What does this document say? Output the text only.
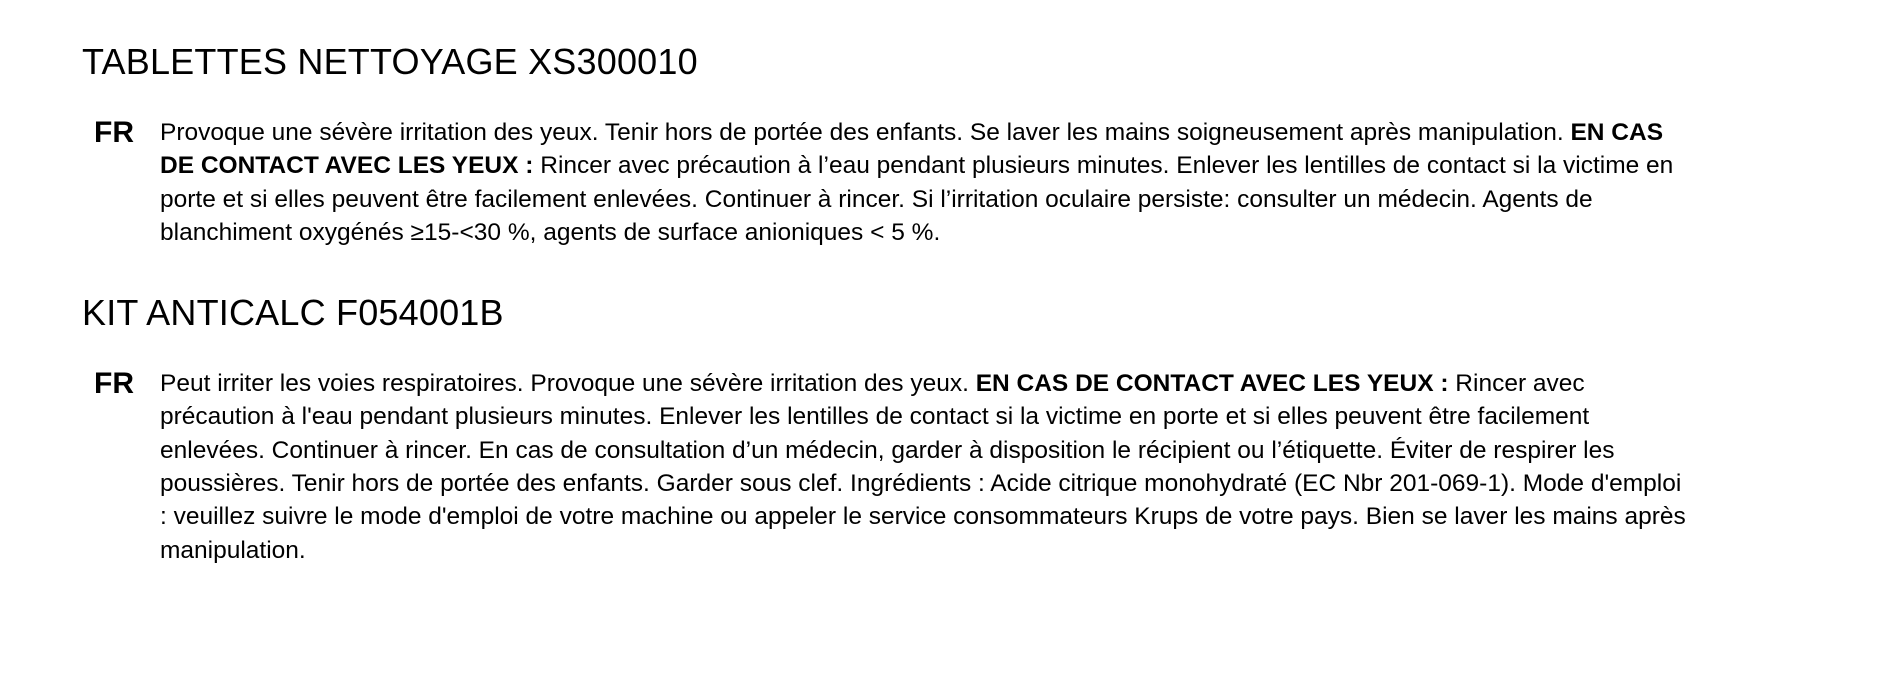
TABLETTES NETTOYAGE XS300010
FR	Provoque une sévère irritation des yeux. Tenir hors de portée des enfants. Se laver les mains soigneusement après manipulation. EN CAS DE CONTACT AVEC LES YEUX : Rincer avec précaution à l’eau pendant plusieurs minutes. Enlever les lentilles de contact si la victime en porte et si elles peuvent être facilement enlevées. Continuer à rincer. Si l’irritation oculaire persiste: consulter un médecin. Agents de blanchiment oxygénés ≥15-<30 %, agents de surface anioniques < 5 %.
KIT ANTICALC F054001B
FR	Peut irriter les voies respiratoires. Provoque une sévère irritation des yeux. EN CAS DE CONTACT AVEC LES YEUX : Rincer avec précaution à l'eau pendant plusieurs minutes. Enlever les lentilles de contact si la victime en porte et si elles peuvent être facilement enlevées. Continuer à rincer. En cas de consultation d’un médecin, garder à disposition le récipient ou l’étiquette. Éviter de respirer les poussières. Tenir hors de portée des enfants. Garder sous clef. Ingrédients : Acide citrique monohydraté (EC Nbr 201-069-1). Mode d'emploi : veuillez suivre le mode d'emploi de votre machine ou appeler le service consommateurs Krups de votre pays. Bien se laver les mains après manipulation.
